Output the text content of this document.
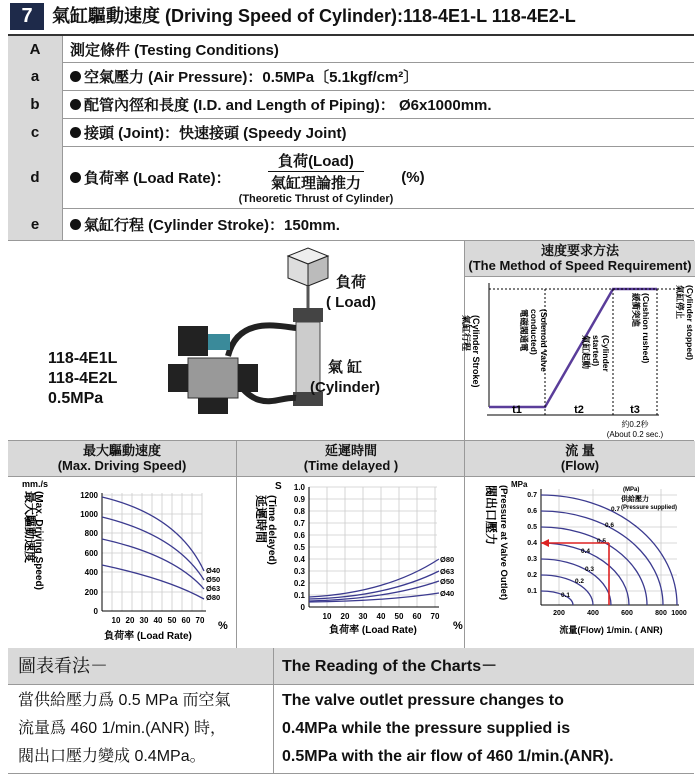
7	氣缸驅動速度 (Driving Speed of Cylinder):118-4E1-L 118-4E2-L
A	測定條件 (Testing Conditions)
a	空氣壓力 (Air Pressure)：0.5MPa〔5.1kgf/cm²〕
b	配管內徑和長度 (I.D. and Length of Piping)： Ø6x1000mm.
c	接頭 (Joint)：快速接頭 (Speedy Joint)
d	負荷率 (Load Rate)：
負荷(Load)
氣缸理論推力
(Theoretic Thrust of Cylinder)
(%)
e	氣缸行程 (Cylinder Stroke)：150mm.
118-4E1L
118-4E2L
0.5MPa
負荷
( Load)
氣 缸
(Cylinder)
速度要求方法
(The Method of Speed Requirement)
(Cylinder Stroke)
氣缸行程	(Solenoid Valve
conducted)
電磁閥通電
(Cylinder
started)
氣缸起動	(Cushion rushed)
緩衝突進	(Cylinder stopped)
氣缸停止
t1	t2	t3
約0.2秒
(About 0.2 sec.)
最大驅動速度
(Max. Driving Speed)
mm./s
最大驅動速度
(Max. Driving Speed)	1200
1000
800
600
400
200
0
10 20 30 40 50 60 70 %
負荷率 (Load Rate)
Ø40
Ø50
Ø63
Ø80
延遲時間
(Time delayed )
S
(Time delayed)
延遲時間
1.0
0.9
0.8
0.7
0.6
0.5
0.4
0.3
0.2
0.1
0
10 20 30 40 50 60 70
%
負荷率 (Load Rate)
Ø80
Ø63
Ø50
Ø40
流 量
(Flow)
MPa
閥出口壓力 (Pressure at Valve Outlet)	0.7
0.6
0.5
0.4
0.3
0.2
0.1
200	400	600	800 1000
流量(Flow) 1/min. ( ANR)
0.7
0.6
0.5
0.4
0.3
0.2
0.1
(MPa)
供給壓力
(Pressure supplied)
圖表看法－	The Reading of the Charts－
當供給壓力爲 0.5 MPa 而空氣
流量爲 460 1/min.(ANR) 時，
閥出口壓力變成 0.4MPa。
The valve outlet pressure changes to
0.4MPa while the pressure supplied is
0.5MPa with the air flow of 460 1/min.(ANR).
